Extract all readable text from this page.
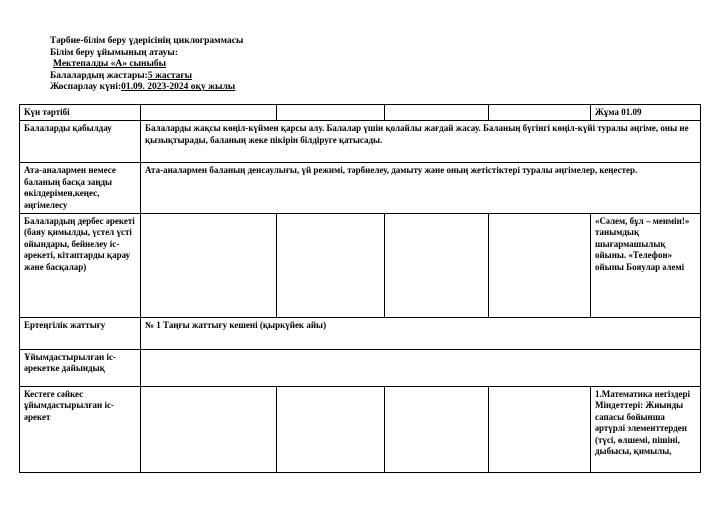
Тәрбие-білім беру үдерісінің циклограммасы
Білім беру ұйымының атауы:
Мектепалды «А» сыныбы
Балалардың жастары:5 жастағы
Жоспарлау күні:01.09. 2023-2024 оқу жылы
Күн тәртібі					Жұма 01.09
Балаларды қабылдау	Балаларды жақсы көңіл-күймен қарсы алу. Балалар үшін қолайлы жағдай жасау. Баланың бүгінгі көңіл-күйі туралы әңгіме, оны не қызықтырады, баланың жеке пікірін білдіруге қатысады.				
Ата-аналармен немесе баланың басқа заңды өкілдерімен,кеңес, әңгімелесу	Ата-аналармен баланың денсаулығы, үй режимі, тәрбиелеу, дамыту және оның жетістіктері туралы әңгімелер, кеңестер.				
Балалардың дербес әрекеті (баяу қимылды, үстел үсті ойындары, бейнелеу іс- әрекеті, кітаптарды қарау және басқалар)					«Сәлем, бұл – менмін!» танымдық шығармашылық ойыны. «Телефон» ойыны Бояулар әлемі
Ертеңгілік жаттығу	№ 1 Таңғы жаттығу кешені (қыркүйек айы)				
Ұйымдастырылған іс-әрекетке дайындық					
Кестеге сәйкес ұйымдастырылған іс-әрекет					1.Математика негіздері Міндеттері: Жиынды сапасы бойынша әртүрлі элементтерден (түсі, өлшемі, пішіні, дыбысы, қимылы,
